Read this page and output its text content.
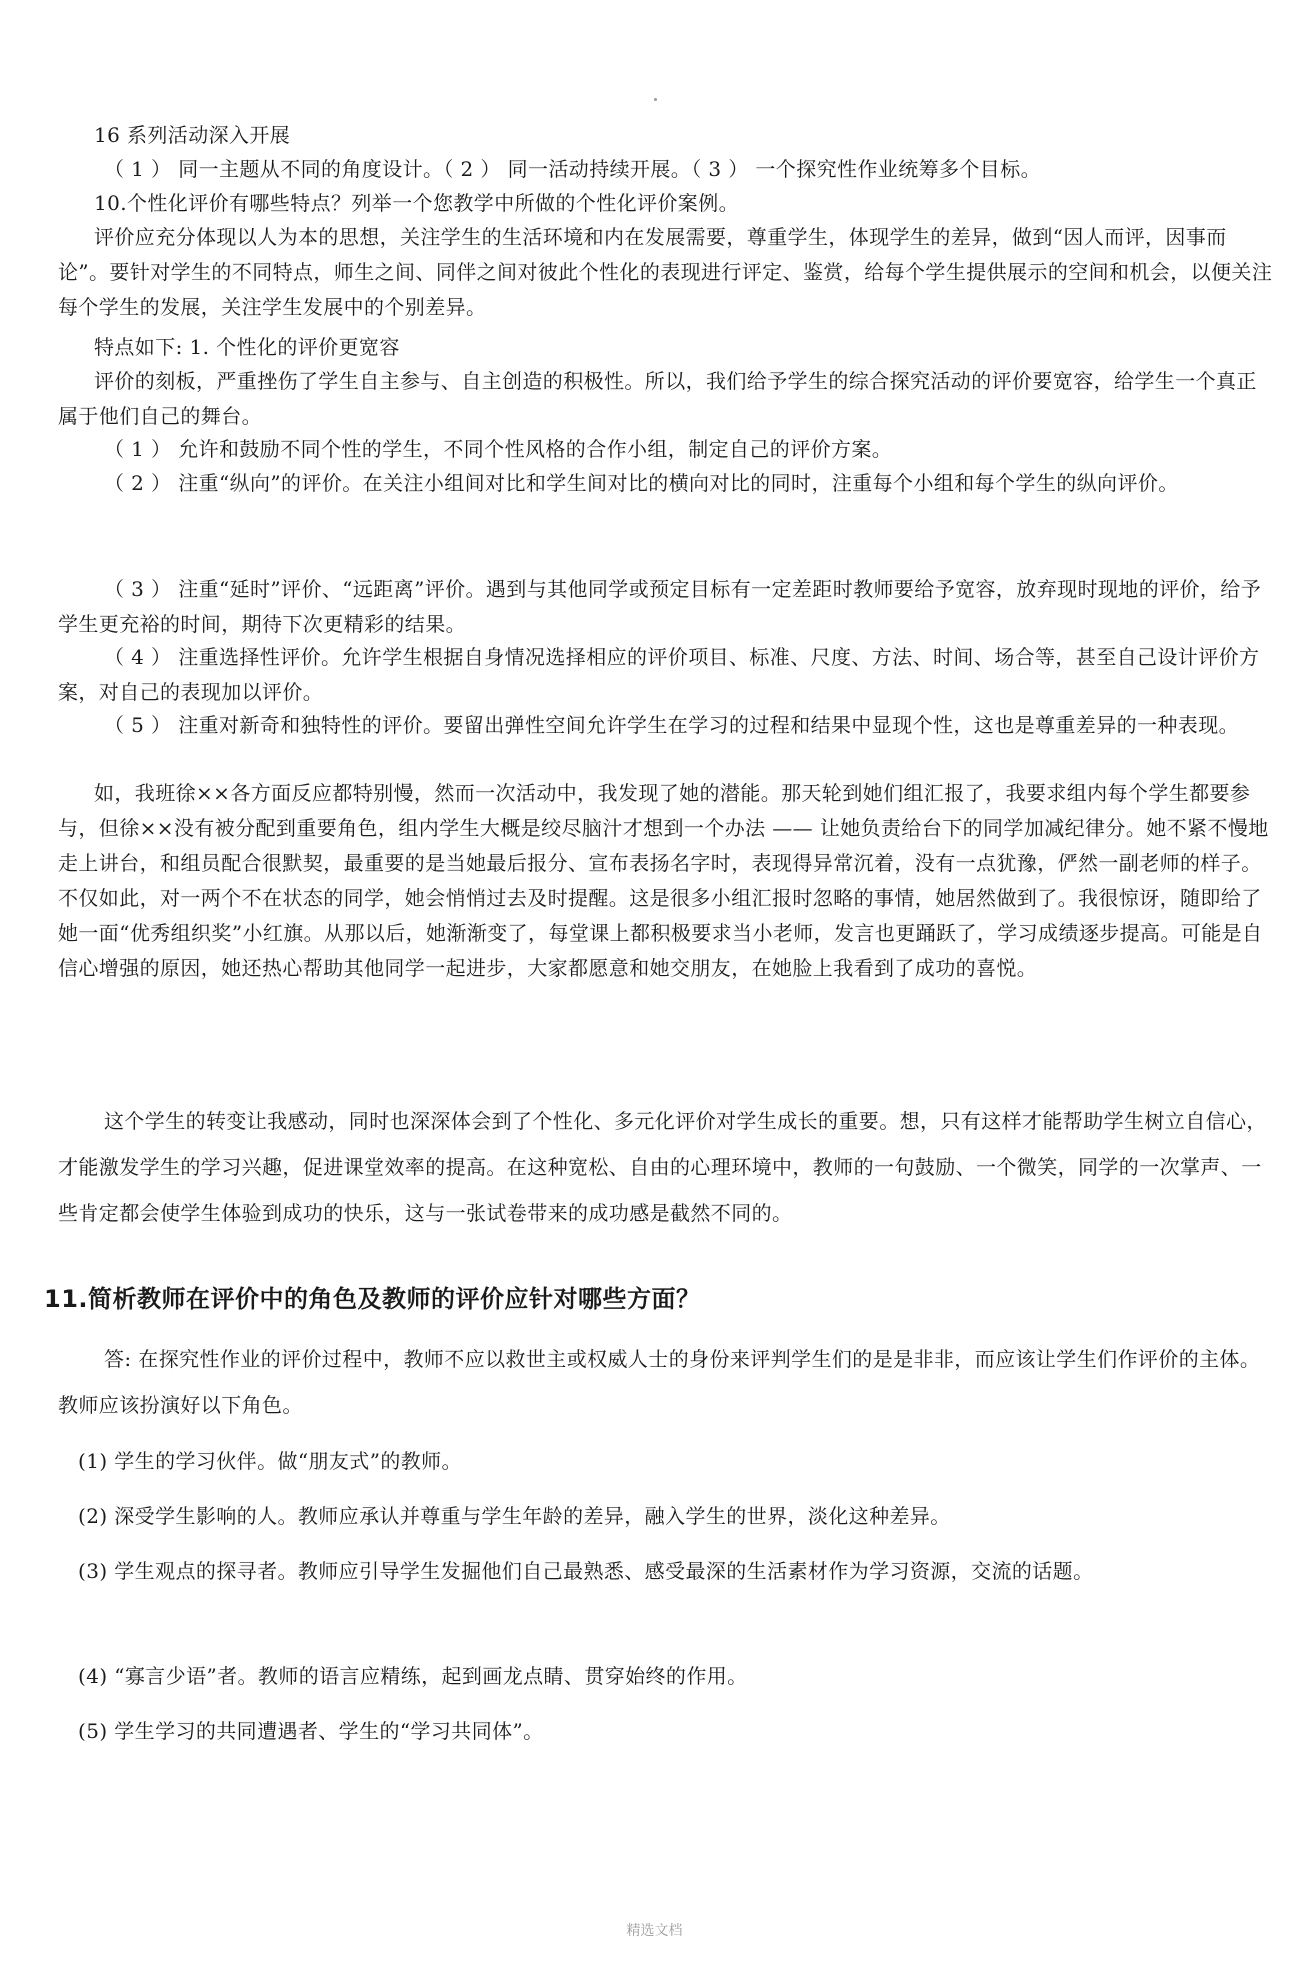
16 系列活动深入开展

（ 1 ） 同一主题从不同的角度设计。（ 2 ） 同一活动持续开展。（ 3 ） 一个探究性作业统筹多个目标。

10.个性化评价有哪些特点？列举一个您教学中所做的个性化评价案例。

评价应充分体现以人为本的思想，关注学生的生活环境和内在发展需要，尊重学生，体现学生的差异，做到“因人而评，因事而论”。要针对学生的不同特点，师生之间、同伴之间对彼此个性化的表现进行评定、鉴赏，给每个学生提供展示的空间和机会，以便关注每个学生的发展，关注学生发展中的个别差异。

特点如下: 1. 个性化的评价更宽容

评价的刻板，严重挫伤了学生自主参与、自主创造的积极性。所以，我们给予学生的综合探究活动的评价要宽容，给学生一个真正属于他们自己的舞台。

（ 1 ） 允许和鼓励不同个性的学生，不同个性风格的合作小组，制定自己的评价方案。

（ 2 ） 注重“纵向”的评价。在关注小组间对比和学生间对比的横向对比的同时，注重每个小组和每个学生的纵向评价。

（ 3 ） 注重“延时”评价、“远距离”评价。遇到与其他同学或预定目标有一定差距时教师要给予宽容，放弃现时现地的评价，给予学生更充裕的时间，期待下次更精彩的结果。

（ 4 ） 注重选择性评价。允许学生根据自身情况选择相应的评价项目、标准、尺度、方法、时间、场合等，甚至自己设计评价方案，对自己的表现加以评价。

（ 5 ） 注重对新奇和独特性的评价。要留出弹性空间允许学生在学习的过程和结果中显现个性，这也是尊重差异的一种表现。

如，我班徐××各方面反应都特别慢，然而一次活动中，我发现了她的潜能。那天轮到她们组汇报了，我要求组内每个学生都要参与，但徐××没有被分配到重要角色，组内学生大概是绞尽脑汁才想到一个办法 —— 让她负责给台下的同学加减纪律分。她不紧不慢地走上讲台，和组员配合很默契，最重要的是当她最后报分、宣布表扬名字时，表现得异常沉着，没有一点犹豫，俨然一副老师的样子。不仅如此，对一两个不在状态的同学，她会悄悄过去及时提醒。这是很多小组汇报时忽略的事情，她居然做到了。我很惊讶，随即给了她一面“优秀组织奖”小红旗。从那以后，她渐渐变了，每堂课上都积极要求当小老师，发言也更踊跃了，学习成绩逐步提高。可能是自信心增强的原因，她还热心帮助其他同学一起进步，大家都愿意和她交朋友，在她脸上我看到了成功的喜悦。

这个学生的转变让我感动，同时也深深体会到了个性化、多元化评价对学生成长的重要。想，只有这样才能帮助学生树立自信心，才能激发学生的学习兴趣，促进课堂效率的提高。在这种宽松、自由的心理环境中，教师的一句鼓励、一个微笑，同学的一次掌声、一些肯定都会使学生体验到成功的快乐，这与一张试卷带来的成功感是截然不同的。

11.简析教师在评价中的角色及教师的评价应针对哪些方面？

答: 在探究性作业的评价过程中，教师不应以救世主或权威人士的身份来评判学生们的是是非非，而应该让学生们作评价的主体。教师应该扮演好以下角色。

(1) 学生的学习伙伴。做“朋友式”的教师。

(2) 深受学生影响的人。教师应承认并尊重与学生年龄的差异，融入学生的世界，淡化这种差异。

(3) 学生观点的探寻者。教师应引导学生发掘他们自己最熟悉、感受最深的生活素材作为学习资源，交流的话题。

(4) “寡言少语”者。教师的语言应精练，起到画龙点睛、贯穿始终的作用。

(5) 学生学习的共同遭遇者、学生的“学习共同体”。

精选文档
